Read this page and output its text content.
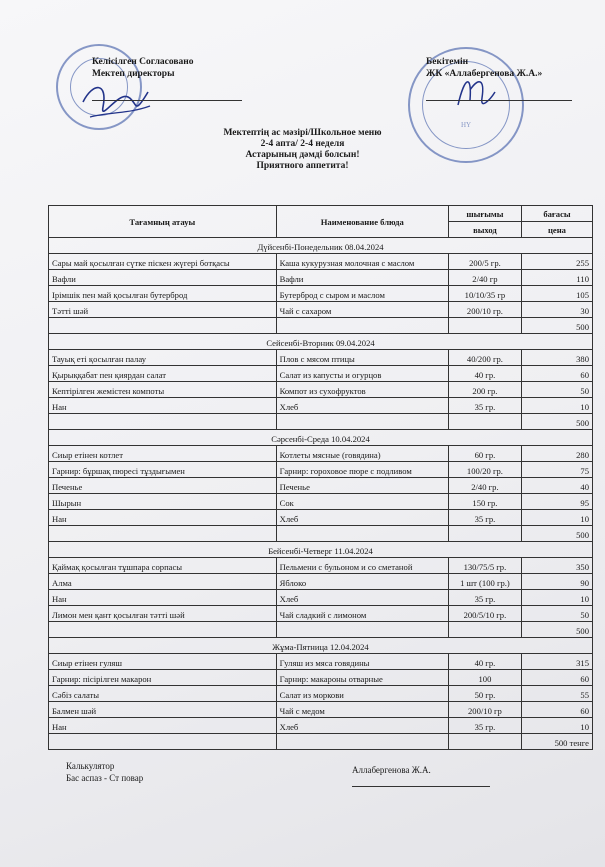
Келісілген Согласовано
Мектеп директоры
НҮ
Бекітемін
ЖК «Аллабергенова Ж.А.»
Мектептің ас мәзірі/Школьное меню
2-4 апта/ 2-4 неделя
Астарының дәмді болсын!
Приятного аппетита!
Тағамның атауы	Наименование блюда	шығымы	бағасы
		выход	цена
Дүйсенбі-Понедельник 08.04.2024			
Сары май қосылған сүтке піскен жүгері ботқасы	Каша кукурузная молочная с маслом	200/5 гр.	255
Вафли	Вафли	2/40 гр	110
Ірімшік пен май қосылған бутерброд	Бутерброд с сыром и маслом	10/10/35 гр	105
Тәтті шәй	Чай с сахаром	200/10 гр.	30
			500
Сейсенбі-Вторник 09.04.2024			
Тауық еті қосылған палау	Плов с мясом птицы	40/200 гр.	380
Қырыққабат пен қиярдан салат	Салат из капусты и огурцов	40 гр.	60
Кептірілген жемістен компоты	Компот из сухофруктов	200 гр.	50
Нан	Хлеб	35 гр.	10
			500
Сәрсенбі-Среда 10.04.2024			
Сиыр етінен котлет	Котлеты мясные (говядина)	60 гр.	280
Гарнир: бұршақ пюресі тұздығымен	Гарнир: гороховое пюре с подливом	100/20 гр.	75
Печенье	Печенье	2/40 гр.	40
Шырын	Сок	150 гр.	95
Нан	Хлеб	35 гр.	10
			500
Бейсенбі-Четверг 11.04.2024			
Қаймақ қосылған тұшпара сорпасы	Пельмени с бульоном и со сметаной	130/75/5 гр.	350
Алма	Яблоко	1 шт (100 гр.)	90
Нан	Хлеб	35 гр.	10
Лимон мен қант қосылған тәтті шәй	Чай сладкий с лимоном	200/5/10 гр.	50
			500
Жұма-Пятница 12.04.2024			
Сиыр етінен гуляш	Гуляш из мяса говядины	40 гр.	315
Гарнир: пісірілген макарон	Гарнир: макароны отварные	100	60
Сәбіз салаты	Салат из моркови	50 гр.	55
Балмен шәй	Чай с медом	200/10 гр	60
Нан	Хлеб	35 гр.	10
			500 тенге
Калькулятор
Бас аспаз - Ст повар
Аллабергенова Ж.А.
